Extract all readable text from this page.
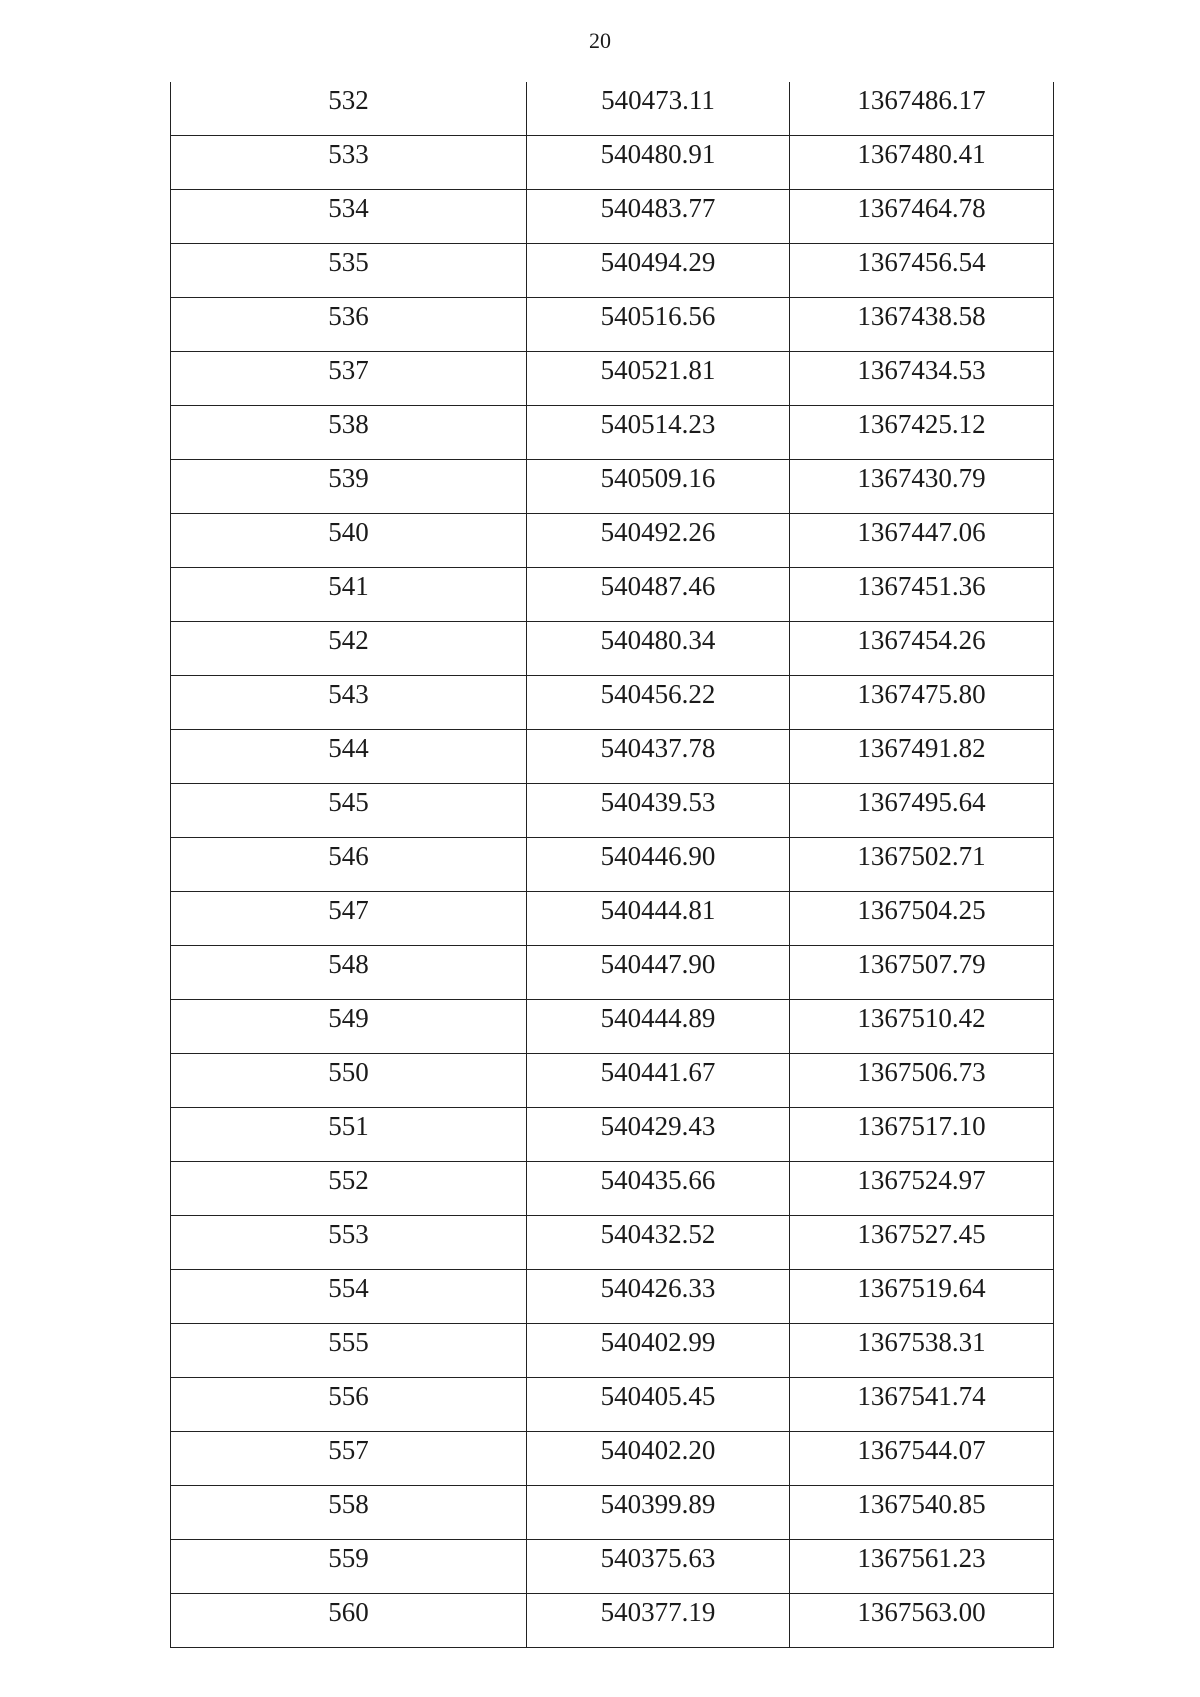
20
532	540473.11	1367486.17

533	540480.91	1367480.41

534	540483.77	1367464.78

535	540494.29	1367456.54

536	540516.56	1367438.58

537	540521.81	1367434.53

538	540514.23	1367425.12

539	540509.16	1367430.79

540	540492.26	1367447.06

541	540487.46	1367451.36

542	540480.34	1367454.26

543	540456.22	1367475.80

544	540437.78	1367491.82

545	540439.53	1367495.64

546	540446.90	1367502.71

547	540444.81	1367504.25

548	540447.90	1367507.79

549	540444.89	1367510.42

550	540441.67	1367506.73

551	540429.43	1367517.10

552	540435.66	1367524.97

553	540432.52	1367527.45

554	540426.33	1367519.64

555	540402.99	1367538.31

556	540405.45	1367541.74

557	540402.20	1367544.07

558	540399.89	1367540.85

559	540375.63	1367561.23

560	540377.19	1367563.00
